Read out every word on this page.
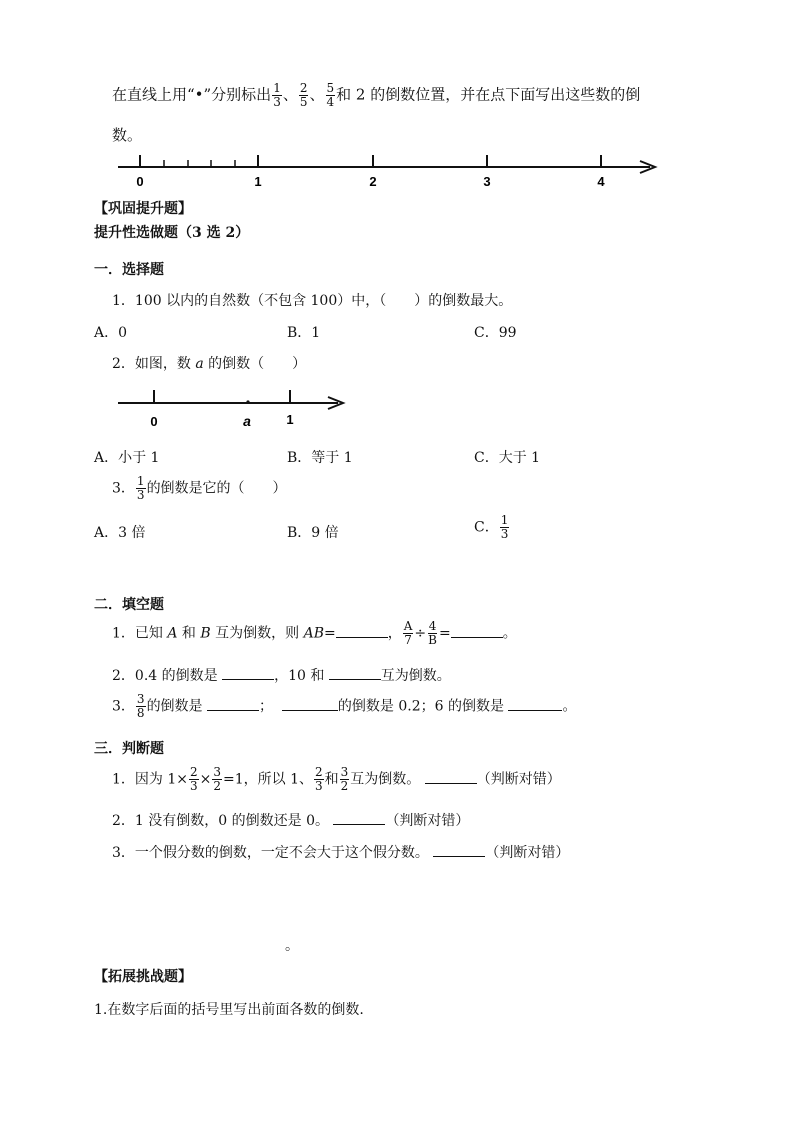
在直线上用“•”分别标出 $\frac{1}{3}$ 、 $\frac{2}{5}$ 、 $\frac{5}{4}$ 和 2 的倒数位置，并在点下面写出这些数的倒
数。
0	1	2	3	4
【巩固提升题】
提升性选做题（3 选 2）
一．选择题
1．100 以内的自然数（不包含 100）中，（　　）的倒数最大。
A．0	B．1	C．99
2．如图，数 a 的倒数（　　）
0	a	1
A．小于 1	B．等于 1	C．大于 1
3． $\frac{1}{3}$ 的倒数是它的（　　）
A．3 倍	B．9 倍	C． $\frac{1}{3}$
二．填空题
1．已知 A 和 B 互为倒数，则 AB=	， $\frac{A}{7} \div \frac{4}{B}$ =	。
2．0.4 的倒数是	，10 和	互为倒数。
3． $\frac{3}{8}$ 的倒数是	；	的倒数是 0.2；6 的倒数是	。
三．判断题
1．因为 $1\times \frac{2}{3} \times \frac{3}{2} =1$，所以 1、 $\frac{2}{3}$ 和 $\frac{3}{2}$ 互为倒数。	（判断对错）
2．1 没有倒数，0 的倒数还是 0。	（判断对错）
3．一个假分数的倒数，一定不会大于这个假分数。	（判断对错）
。
【拓展挑战题】
1.在数字后面的括号里写出前面各数的倒数.
